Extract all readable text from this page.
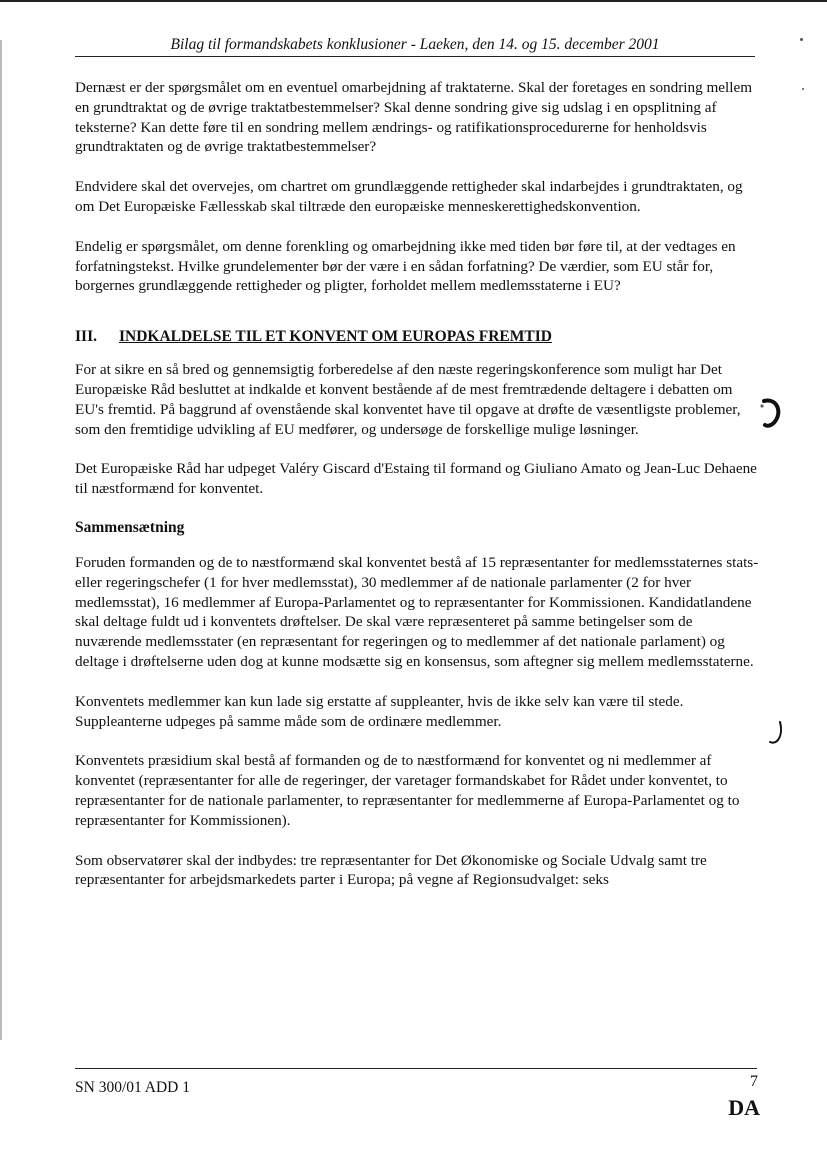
Bilag til formandskabets konklusioner - Laeken, den 14. og 15. december 2001

Dernæst er der spørgsmålet om en eventuel omarbejdning af traktaterne. Skal der foretages en sondring mellem en grundtraktat og de øvrige traktatbestemmelser? Skal denne sondring give sig udslag i en opsplitning af teksterne? Kan dette føre til en sondring mellem ændrings- og ratifikationsprocedurerne for henholdsvis grundtraktaten og de øvrige traktatbestemmelser?

Endvidere skal det overvejes, om chartret om grundlæggende rettigheder skal indarbejdes i grundtraktaten, og om Det Europæiske Fællesskab skal tiltræde den europæiske menneskerettighedskonvention.

Endelig er spørgsmålet, om denne forenkling og omarbejdning ikke med tiden bør føre til, at der vedtages en forfatningstekst. Hvilke grundelementer bør der være i en sådan forfatning? De værdier, som EU står for, borgernes grundlæggende rettigheder og pligter, forholdet mellem medlemsstaterne i EU?

III. INDKALDELSE TIL ET KONVENT OM EUROPAS FREMTID

For at sikre en så bred og gennemsigtig forberedelse af den næste regeringskonference som muligt har Det Europæiske Råd besluttet at indkalde et konvent bestående af de mest fremtrædende deltagere i debatten om EU's fremtid. På baggrund af ovenstående skal konventet have til opgave at drøfte de væsentligste problemer, som den fremtidige udvikling af EU medfører, og undersøge de forskellige mulige løsninger.

Det Europæiske Råd har udpeget Valéry Giscard d'Estaing til formand og Giuliano Amato og Jean-Luc Dehaene til næstformænd for konventet.

Sammensætning

Foruden formanden og de to næstformænd skal konventet bestå af 15 repræsentanter for medlemsstaternes stats- eller regeringschefer (1 for hver medlemsstat), 30 medlemmer af de nationale parlamenter (2 for hver medlemsstat), 16 medlemmer af Europa-Parlamentet og to repræsentanter for Kommissionen. Kandidatlandene skal deltage fuldt ud i konventets drøftelser. De skal være repræsenteret på samme betingelser som de nuværende medlemsstater (en repræsentant for regeringen og to medlemmer af det nationale parlament) og deltage i drøftelserne uden dog at kunne modsætte sig en konsensus, som aftegner sig mellem medlemsstaterne.

Konventets medlemmer kan kun lade sig erstatte af suppleanter, hvis de ikke selv kan være til stede. Suppleanterne udpeges på samme måde som de ordinære medlemmer.

Konventets præsidium skal bestå af formanden og de to næstformænd for konventet og ni medlemmer af konventet (repræsentanter for alle de regeringer, der varetager formandskabet for Rådet under konventet, to repræsentanter for de nationale parlamenter, to repræsentanter for medlemmerne af Europa-Parlamentet og to repræsentanter for Kommissionen).

Som observatører skal der indbydes: tre repræsentanter for Det Økonomiske og Sociale Udvalg samt tre repræsentanter for arbejdsmarkedets parter i Europa; på vegne af Regionsudvalget: seks

SN 300/01 ADD 1	7
DA
